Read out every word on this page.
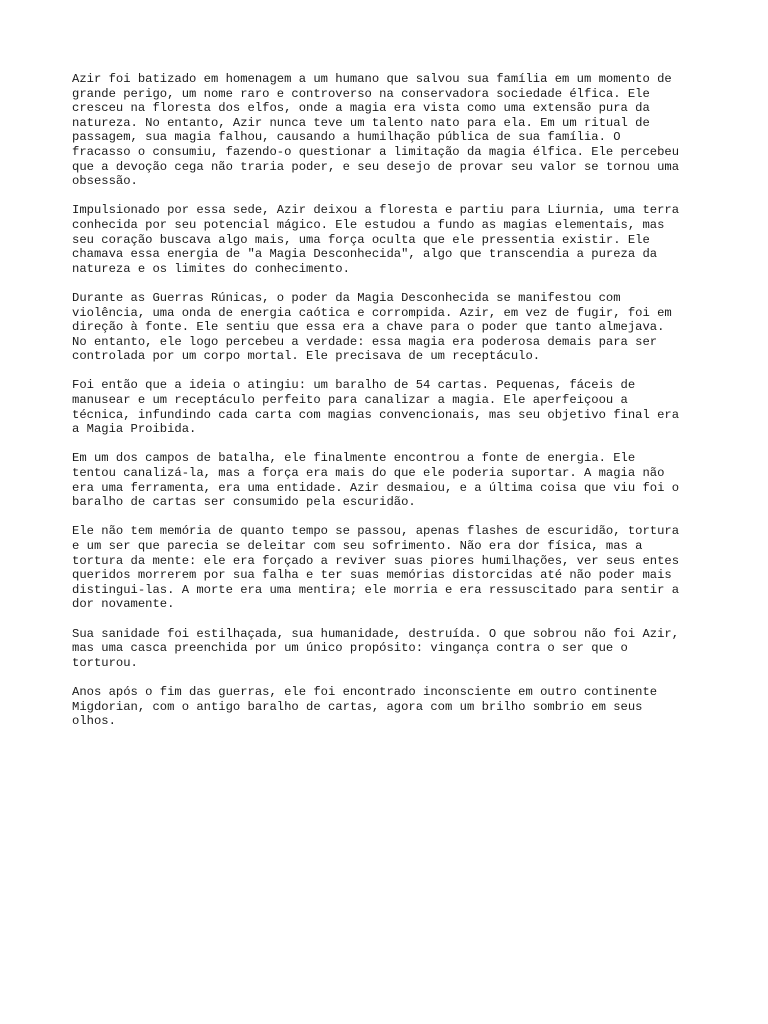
Azir foi batizado em homenagem a um humano que salvou sua família em um momento de
grande perigo, um nome raro e controverso na conservadora sociedade élfica. Ele
cresceu na floresta dos elfos, onde a magia era vista como uma extensão pura da
natureza. No entanto, Azir nunca teve um talento nato para ela. Em um ritual de
passagem, sua magia falhou, causando a humilhação pública de sua família. O
fracasso o consumiu, fazendo-o questionar a limitação da magia élfica. Ele percebeu
que a devoção cega não traria poder, e seu desejo de provar seu valor se tornou uma
obsessão.

Impulsionado por essa sede, Azir deixou a floresta e partiu para Liurnia, uma terra
conhecida por seu potencial mágico. Ele estudou a fundo as magias elementais, mas
seu coração buscava algo mais, uma força oculta que ele pressentia existir. Ele
chamava essa energia de "a Magia Desconhecida", algo que transcendia a pureza da
natureza e os limites do conhecimento.

Durante as Guerras Rúnicas, o poder da Magia Desconhecida se manifestou com
violência, uma onda de energia caótica e corrompida. Azir, em vez de fugir, foi em
direção à fonte. Ele sentiu que essa era a chave para o poder que tanto almejava.
No entanto, ele logo percebeu a verdade: essa magia era poderosa demais para ser
controlada por um corpo mortal. Ele precisava de um receptáculo.

Foi então que a ideia o atingiu: um baralho de 54 cartas. Pequenas, fáceis de
manusear e um receptáculo perfeito para canalizar a magia. Ele aperfeiçoou a
técnica, infundindo cada carta com magias convencionais, mas seu objetivo final era
a Magia Proibida.

Em um dos campos de batalha, ele finalmente encontrou a fonte de energia. Ele
tentou canalizá-la, mas a força era mais do que ele poderia suportar. A magia não
era uma ferramenta, era uma entidade. Azir desmaiou, e a última coisa que viu foi o
baralho de cartas ser consumido pela escuridão.

Ele não tem memória de quanto tempo se passou, apenas flashes de escuridão, tortura
e um ser que parecia se deleitar com seu sofrimento. Não era dor física, mas a
tortura da mente: ele era forçado a reviver suas piores humilhações, ver seus entes
queridos morrerem por sua falha e ter suas memórias distorcidas até não poder mais
distingui-las. A morte era uma mentira; ele morria e era ressuscitado para sentir a
dor novamente.

Sua sanidade foi estilhaçada, sua humanidade, destruída. O que sobrou não foi Azir,
mas uma casca preenchida por um único propósito: vingança contra o ser que o
torturou.

Anos após o fim das guerras, ele foi encontrado inconsciente em outro continente
Migdorian, com o antigo baralho de cartas, agora com um brilho sombrio em seus
olhos.
